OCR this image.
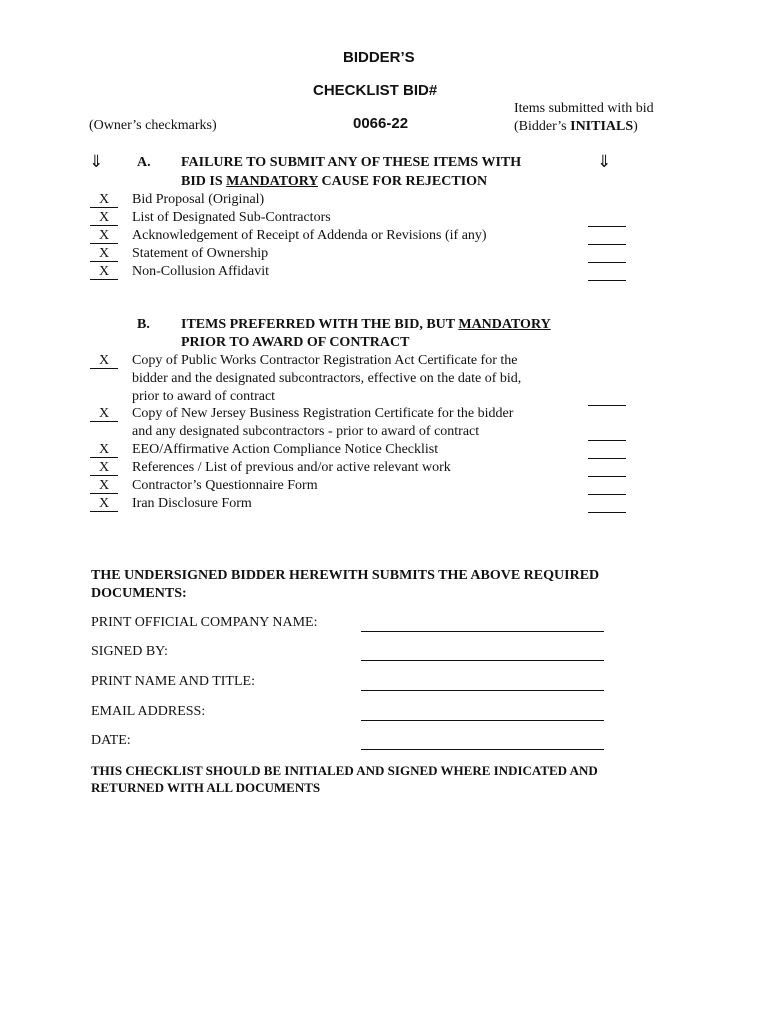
BIDDER’S
CHECKLIST BID#
0066-22
(Owner’s checkmarks)
Items submitted with bid
(Bidder’s INITIALS)
⇓	⇓
A. FAILURE TO SUBMIT ANY OF THESE ITEMS WITH
BID IS MANDATORY CAUSE FOR REJECTION
X	Bid Proposal (Original)
X	List of Designated Sub-Contractors
X	Acknowledgement of Receipt of Addenda or Revisions (if any)
X	Statement of Ownership
X	Non-Collusion Affidavit
B. ITEMS PREFERRED WITH THE BID, BUT MANDATORY
PRIOR TO AWARD OF CONTRACT
X	Copy of Public Works Contractor Registration Act Certificate for the
bidder and the designated subcontractors, effective on the date of bid,
prior to award of contract
X	Copy of New Jersey Business Registration Certificate for the bidder
and any designated subcontractors - prior to award of contract
X	EEO/Affirmative Action Compliance Notice Checklist
X	References / List of previous and/or active relevant work
X	Contractor’s Questionnaire Form
X	Iran Disclosure Form
THE UNDERSIGNED BIDDER HEREWITH SUBMITS THE ABOVE REQUIRED
DOCUMENTS:
PRINT OFFICIAL COMPANY NAME:
SIGNED BY:
PRINT NAME AND TITLE:
EMAIL ADDRESS:
DATE:
THIS CHECKLIST SHOULD BE INITIALED AND SIGNED WHERE INDICATED AND
RETURNED WITH ALL DOCUMENTS
